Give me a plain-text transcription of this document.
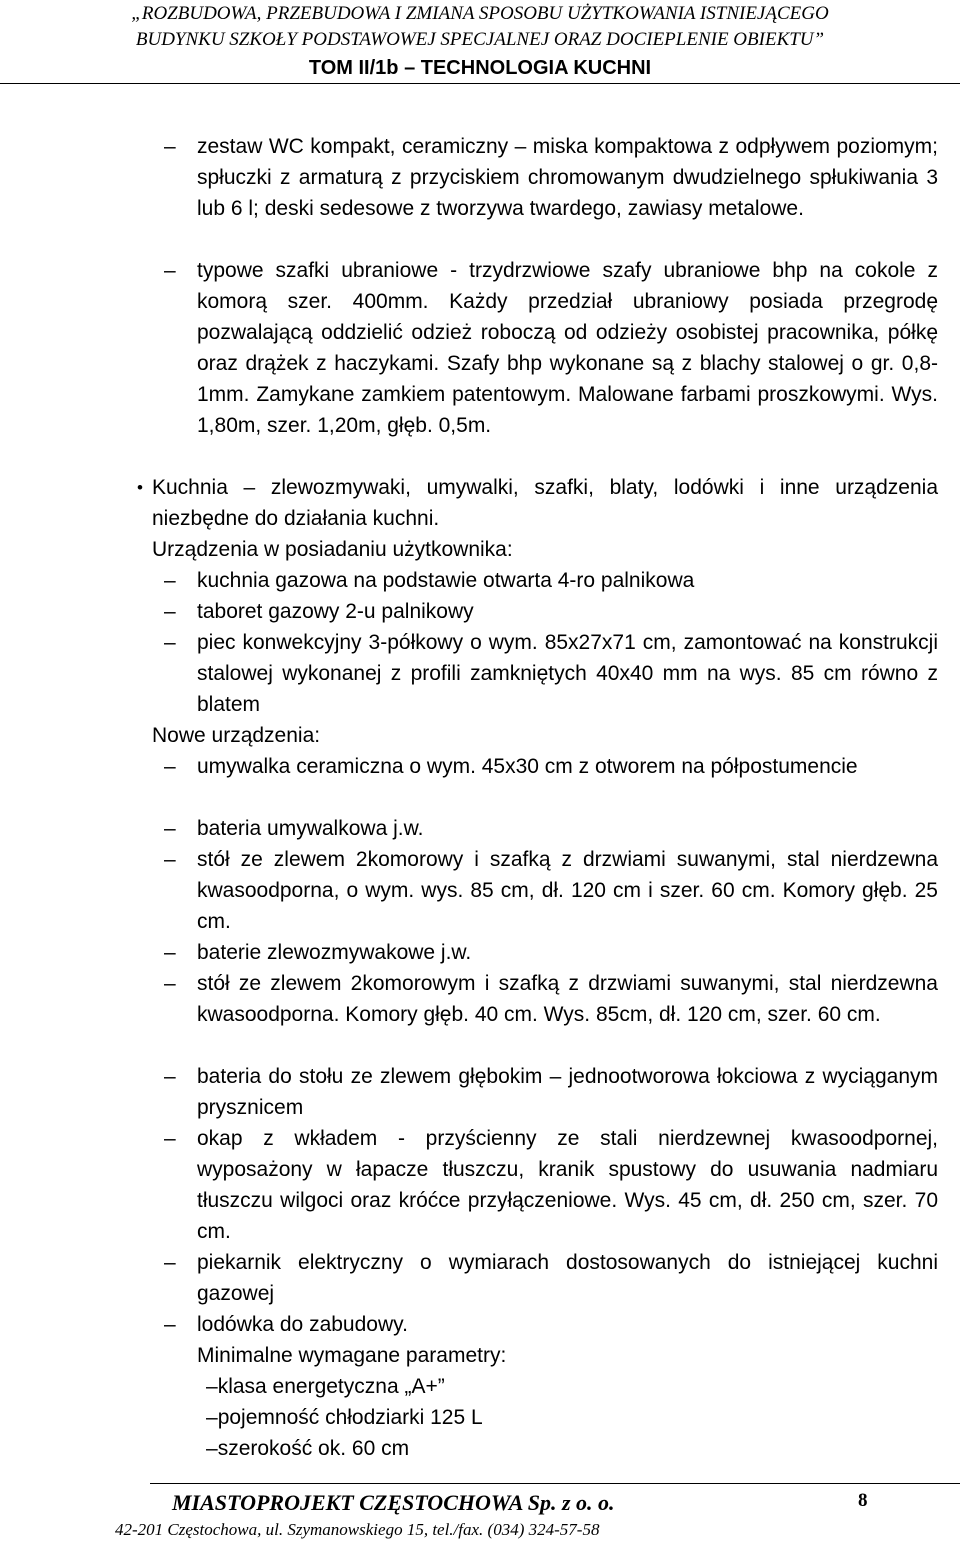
„ROZBUDOWA, PRZEBUDOWA I ZMIANA SPOSOBU UŻYTKOWANIA ISTNIEJĄCEGO
BUDYNKU SZKOŁY PODSTAWOWEJ SPECJALNEJ ORAZ DOCIEPLENIE OBIEKTU”
TOM II/1b – TECHNOLOGIA KUCHNI
– zestaw WC kompakt, ceramiczny – miska kompaktowa z odpływem poziomym; spłuczki z armaturą z przyciskiem chromowanym dwudzielnego spłukiwania 3 lub 6 l; deski sedesowe z tworzywa twardego, zawiasy metalowe.
– typowe szafki ubraniowe - trzydrzwiowe szafy ubraniowe bhp na cokole z komorą szer. 400mm. Każdy przedział ubraniowy posiada przegrodę pozwalającą oddzielić odzież roboczą od odzieży osobistej pracownika, półkę oraz drążek z haczykami. Szafy bhp wykonane są z blachy stalowej o gr. 0,8-
1mm. Zamykane zamkiem patentowym. Malowane farbami proszkowymi. Wys. 1,80m, szer. 1,20m, głęb. 0,5m.
• Kuchnia – zlewozmywaki, umywalki, szafki, blaty, lodówki i inne urządzenia niezbędne do działania kuchni.
Urządzenia w posiadaniu użytkownika:
– kuchnia gazowa na podstawie otwarta 4-ro palnikowa
– taboret gazowy 2-u palnikowy
– piec konwekcyjny 3-półkowy o wym. 85x27x71 cm, zamontować na konstrukcji stalowej wykonanej z profili zamkniętych 40x40 mm na wys. 85 cm równo z blatem
Nowe urządzenia:
– umywalka ceramiczna o wym. 45x30 cm z otworem na półpostumencie
– bateria umywalkowa j.w.
– stół ze zlewem 2komorowy i szafką z drzwiami suwanymi, stal nierdzewna kwasoodporna, o wym. wys. 85 cm, dł. 120 cm i szer. 60 cm. Komory głęb. 25 cm.
– baterie zlewozmywakowe j.w.
– stół ze zlewem 2komorowym i szafką z drzwiami suwanymi, stal nierdzewna kwasoodporna. Komory głęb. 40 cm. Wys. 85cm, dł. 120 cm, szer. 60 cm.
– bateria do stołu ze zlewem głębokim – jednootworowa łokciowa z wyciąganym prysznicem
– okap z wkładem - przyścienny ze stali nierdzewnej kwasoodpornej, wyposażony w łapacze tłuszczu, kranik spustowy do usuwania nadmiaru tłuszczu wilgoci oraz króćce przyłączeniowe. Wys. 45 cm, dł. 250 cm, szer. 70 cm.
– piekarnik elektryczny o wymiarach dostosowanych do istniejącej kuchni gazowej
– lodówka do zabudowy.
Minimalne wymagane parametry:
–klasa energetyczna „A+”
–pojemność chłodziarki 125 L
–szerokość ok. 60 cm
MIASTOPROJEKT CZĘSTOCHOWA Sp. z o. o.	8
42-201 Częstochowa, ul. Szymanowskiego 15, tel./fax. (034) 324-57-58
